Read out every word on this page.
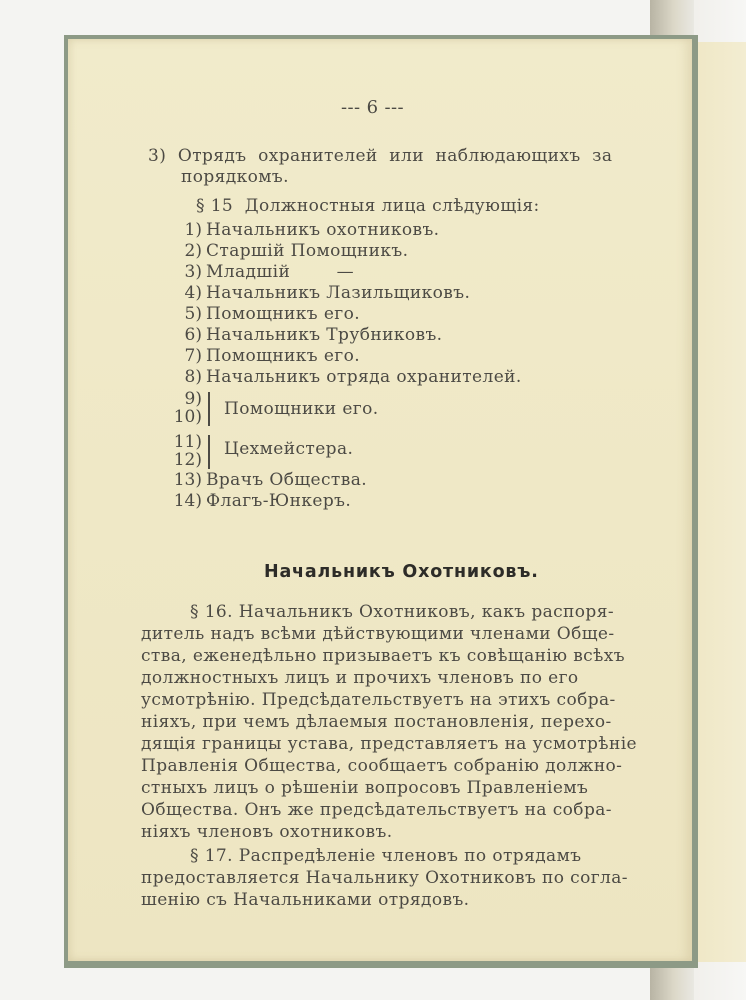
--- 6 ---
3)  Отрядъ  охранителей  или  наблюдающихъ  за
порядкомъ.
§ 15  Должностныя лица слѣдующія:
1) Начальникъ охотниковъ.
2) Старшій Помощникъ.
3) Младшій        —
4) Начальникъ Лазильщиковъ.
5) Помощникъ его.
6) Начальникъ Трубниковъ.
7) Помощникъ его.
8) Начальникъ отряда охранителей.
9)
10) Помощники его.
11)
12)
Цехмейстера.
13) Врачъ Общества.
14) Флагъ-Юнкеръ.
Начальникъ Охотниковъ.
§ 16. Начальникъ Охотниковъ, какъ распоря-
дитель надъ всѣми дѣйствующими членами Обще-
ства, еженедѣльно призываетъ къ совѣщанію всѣхъ
должностныхъ лицъ и прочихъ членовъ по его
усмотрѣнію. Предсѣдательствуетъ на этихъ собра-
ніяхъ, при чемъ дѣлаемыя постановленія, перехо-
дящія границы устава, представляетъ на усмотрѣніе
Правленія Общества, сообщаетъ собранію должно-
стныхъ лицъ о рѣшеніи вопросовъ Правленіемъ
Общества. Онъ же предсѣдательствуетъ на собра-
ніяхъ членовъ охотниковъ.
§ 17. Распредѣленіе членовъ по отрядамъ
предоставляется Начальнику Охотниковъ по согла-
шенію съ Начальниками отрядовъ.
